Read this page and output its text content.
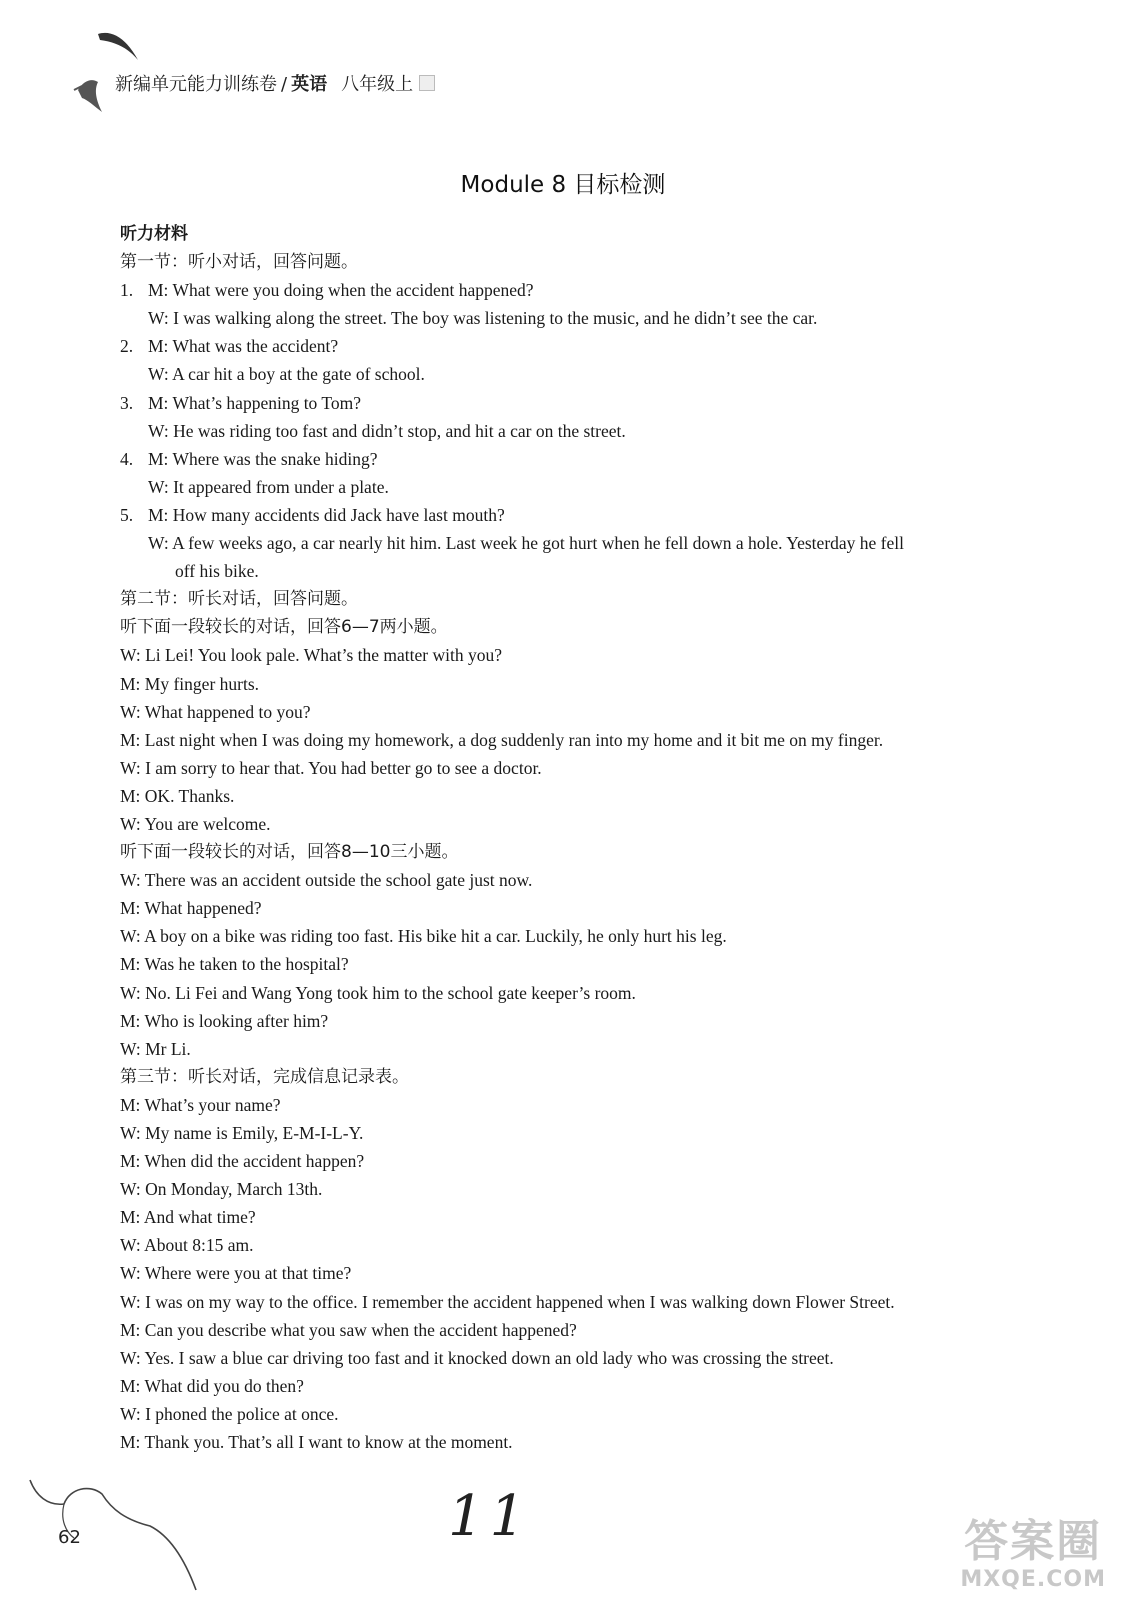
新编单元能力训练卷 / 英语 八年级上
Module 8 目标检测
听力材料
第一节：听小对话，回答问题。
1. M: What were you doing when the accident happened?
W: I was walking along the street. The boy was listening to the music, and he didn’t see the car.
2. M: What was the accident?
W: A car hit a boy at the gate of school.
3. M: What’s happening to Tom?
W: He was riding too fast and didn’t stop, and hit a car on the street.
4. M: Where was the snake hiding?
W: It appeared from under a plate.
5. M: How many accidents did Jack have last mouth?
W: A few weeks ago, a car nearly hit him. Last week he got hurt when he fell down a hole. Yesterday he fell
off his bike.
第二节：听长对话，回答问题。
听下面一段较长的对话，回答6—7两小题。
W: Li Lei! You look pale. What’s the matter with you?
M: My finger hurts.
W: What happened to you?
M: Last night when I was doing my homework, a dog suddenly ran into my home and it bit me on my finger.
W: I am sorry to hear that. You had better go to see a doctor.
M: OK. Thanks.
W: You are welcome.
听下面一段较长的对话，回答8—10三小题。
W: There was an accident outside the school gate just now.
M: What happened?
W: A boy on a bike was riding too fast. His bike hit a car. Luckily, he only hurt his leg.
M: Was he taken to the hospital?
W: No. Li Fei and Wang Yong took him to the school gate keeper’s room.
M: Who is looking after him?
W: Mr Li.
第三节：听长对话，完成信息记录表。
M: What’s your name?
W: My name is Emily, E-M-I-L-Y.
M: When did the accident happen?
W: On Monday, March 13th.
M: And what time?
W: About 8:15 am.
W: Where were you at that time?
W: I was on my way to the office. I remember the accident happened when I was walking down Flower Street.
M: Can you describe what you saw when the accident happened?
W: Yes. I saw a blue car driving too fast and it knocked down an old lady who was crossing the street.
M: What did you do then?
W: I phoned the police at once.
M: Thank you. That’s all I want to know at the moment.
11
62	答案圈
MXQE.COM
